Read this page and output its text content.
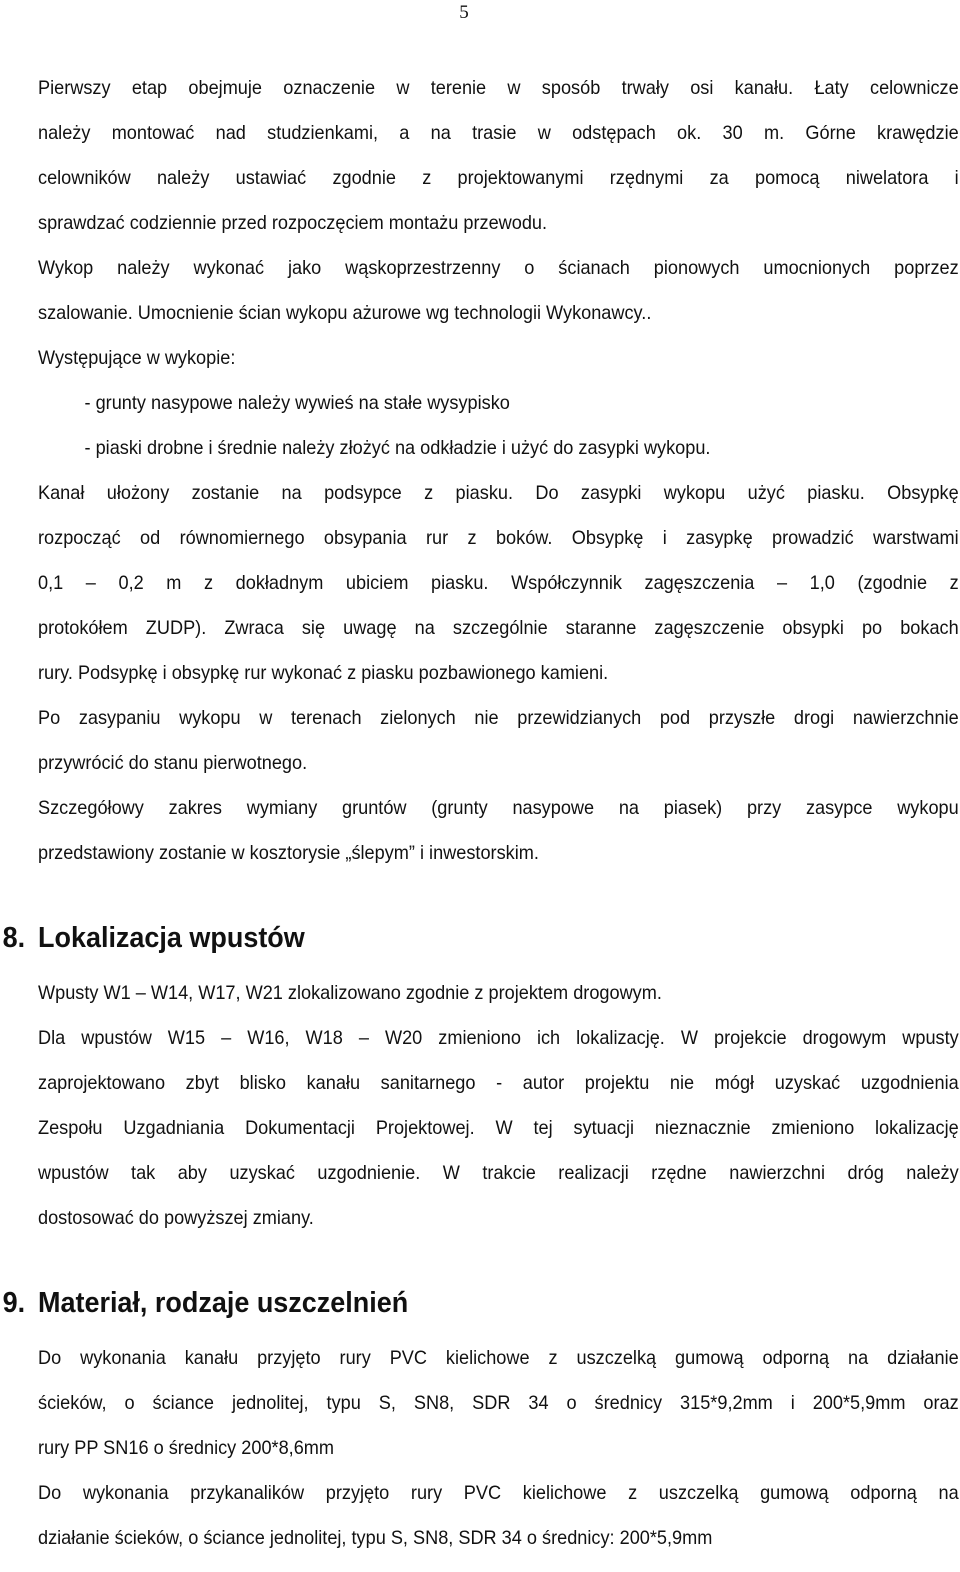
5
Pierwszy etap obejmuje oznaczenie w terenie w sposób trwały osi kanału. Łaty celownicze
należy montować nad studzienkami, a na trasie w odstępach ok. 30 m. Górne krawędzie
celowników należy ustawiać zgodnie z projektowanymi rzędnymi za pomocą niwelatora i
sprawdzać codziennie przed rozpoczęciem montażu przewodu.
Wykop należy wykonać jako wąskoprzestrzenny o ścianach pionowych umocnionych poprzez
szalowanie. Umocnienie ścian wykopu ażurowe wg technologii Wykonawcy..
Występujące w wykopie:
- grunty nasypowe należy wywieś na stałe wysypisko
- piaski drobne i średnie należy złożyć na odkładzie i użyć do zasypki wykopu.
Kanał ułożony zostanie na podsypce z piasku. Do zasypki wykopu użyć piasku. Obsypkę
rozpocząć od równomiernego obsypania rur z boków. Obsypkę i zasypkę prowadzić warstwami
0,1 – 0,2 m z dokładnym ubiciem piasku. Współczynnik zagęszczenia – 1,0 (zgodnie z
protokółem ZUDP). Zwraca się uwagę na szczególnie staranne zagęszczenie obsypki po bokach
rury. Podsypkę i obsypkę rur wykonać z piasku pozbawionego kamieni.
Po zasypaniu wykopu w terenach zielonych nie przewidzianych pod przyszłe drogi nawierzchnie
przywrócić do stanu pierwotnego.
Szczegółowy zakres wymiany gruntów (grunty nasypowe na piasek) przy zasypce wykopu
przedstawiony zostanie w kosztorysie „ślepym” i inwestorskim.
8. Lokalizacja wpustów
Wpusty W1 – W14, W17, W21 zlokalizowano zgodnie z projektem drogowym.
Dla wpustów W15 – W16, W18 – W20 zmieniono ich lokalizację. W projekcie drogowym wpusty
zaprojektowano zbyt blisko kanału sanitarnego - autor projektu nie mógł uzyskać uzgodnienia
Zespołu Uzgadniania Dokumentacji Projektowej. W tej sytuacji nieznacznie zmieniono lokalizację
wpustów tak aby uzyskać uzgodnienie. W trakcie realizacji rzędne nawierzchni dróg należy
dostosować do powyższej zmiany.
9. Materiał, rodzaje uszczelnień
Do wykonania kanału przyjęto rury PVC kielichowe z uszczelką gumową odporną na działanie
ścieków, o ściance jednolitej, typu S, SN8, SDR 34 o średnicy 315*9,2mm i 200*5,9mm oraz
rury PP SN16 o średnicy 200*8,6mm
Do wykonania przykanalików przyjęto rury PVC kielichowe z uszczelką gumową odporną na
działanie ścieków, o ściance jednolitej, typu S, SN8, SDR 34 o średnicy: 200*5,9mm
